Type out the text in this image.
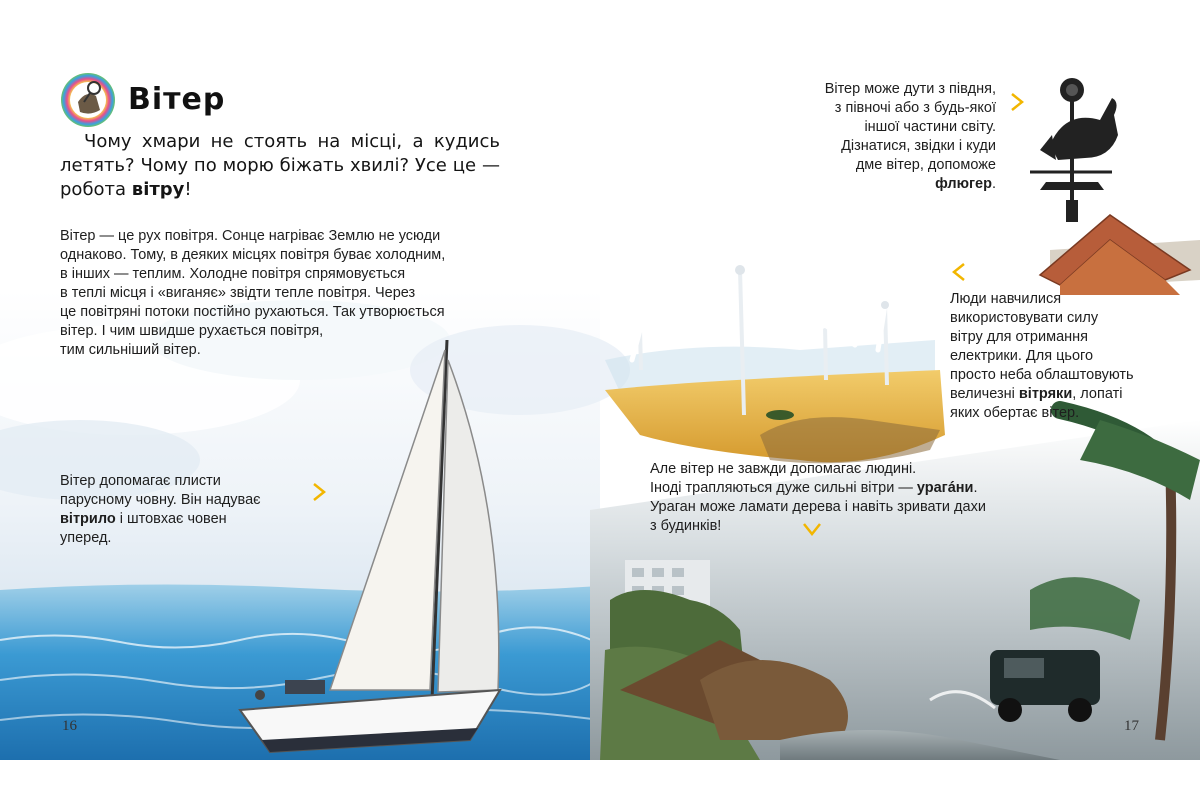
Вітер
Чому хмари не стоять на місці, а кудись летять? Чому по морю біжать хвилі? Усе це — робота вітру!
Вітер — це рух повітря. Сонце нагріває Землю не усюди
однаково. Тому, в деяких місцях повітря буває холодним,
в інших — теплим. Холодне повітря спрямовується
в теплі місця і «виганяє» звідти тепле повітря. Через
це повітряні потоки постійно рухаються. Так утворюється
вітер. І чим швидше рухається повітря,
тим сильніший вітер.
Вітер допомагає плисти
парусному човну. Він надуває
вітрило і штовхає човен
уперед.
Вітер може дути з півдня,
з півночі або з будь-якої
іншої частини світу.
Дізнатися, звідки і куди
дме вітер, допоможе
флюгер.
Люди навчилися
використовувати силу
вітру для отримання
електрики. Для цього
просто неба облаштовують
величезні вітряки, лопаті
яких обертає вітер.
Але вітер не завжди допомагає людині.
Іноді трапляються дуже сильні вітри — урагáни.
Ураган може ламати дерева і навіть зривати дахи
з будинків!
16	17
